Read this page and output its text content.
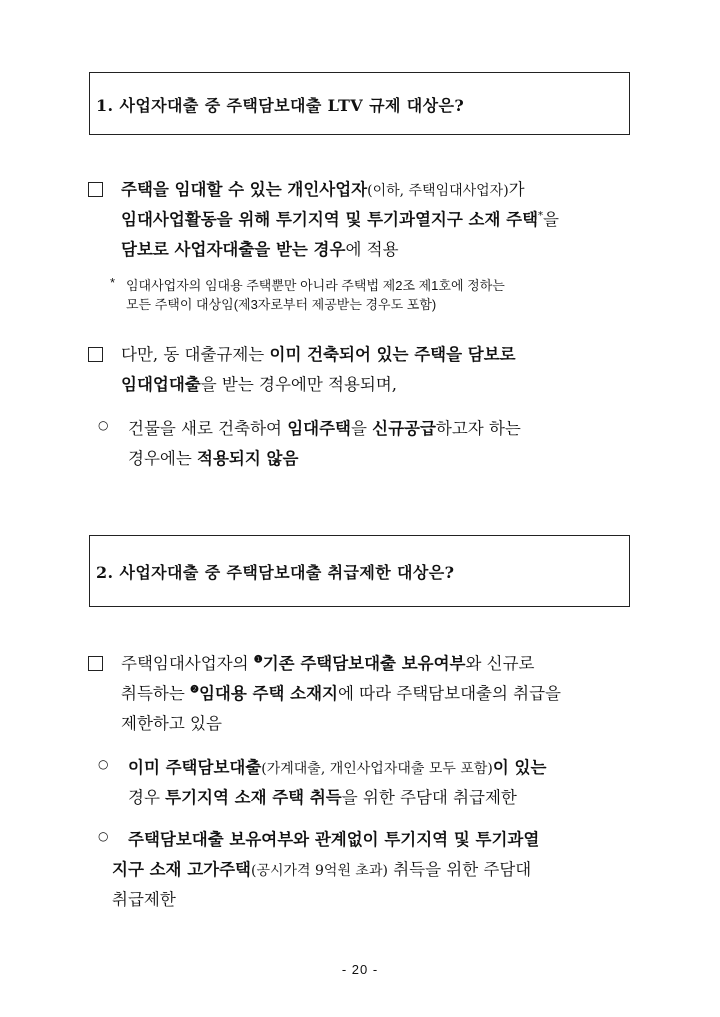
1. 사업자대출 중 주택담보대출 LTV 규제 대상은?
주택을 임대할 수 있는 개인사업자(이하, 주택임대사업자)가
임대사업활동을 위해 투기지역 및 투기과열지구 소재 주택*을
담보로 사업자대출을 받는 경우에 적용
* 임대사업자의 임대용 주택뿐만 아니라 주택법 제2조 제1호에 정하는
모든 주택이 대상임(제3자로부터 제공받는 경우도 포함)
다만, 동 대출규제는 이미 건축되어 있는 주택을 담보로
임대업대출을 받는 경우에만 적용되며,
○ 건물을 새로 건축하여 임대주택을 신규공급하고자 하는
경우에는 적용되지 않음
2. 사업자대출 중 주택담보대출 취급제한 대상은?
주택임대사업자의 $^❶$기존 주택담보대출 보유여부와 신규로
취득하는 $^❷$임대용 주택 소재지에 따라 주택담보대출의 취급을
제한하고 있음
○ 이미 주택담보대출(가계대출, 개인사업자대출 모두 포함)이 있는
경우 투기지역 소재 주택 취득을 위한 주담대 취급제한
○ 주택담보대출 보유여부와 관계없이 투기지역 및 투기과열
지구 소재 고가주택(공시가격 9억원 초과) 취득을 위한 주담대
취급제한
- 20 -
